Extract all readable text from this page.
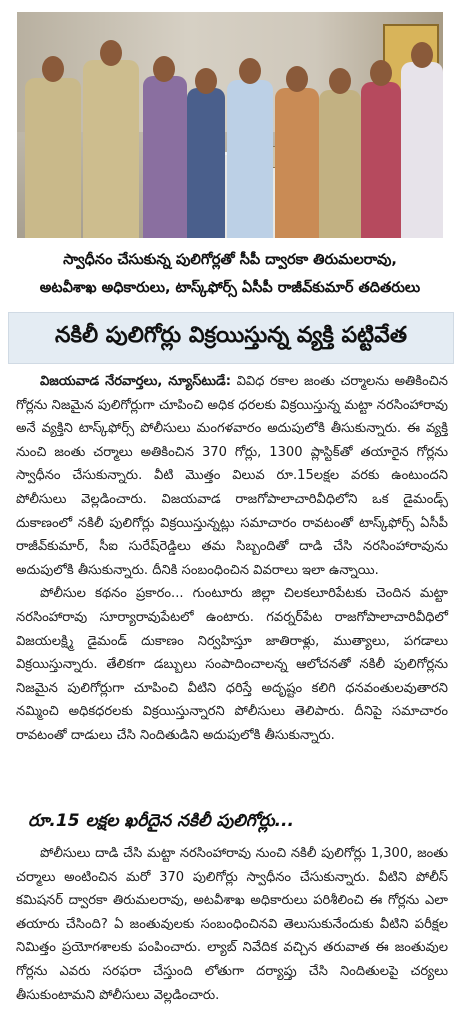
స్వాధీనం చేసుకున్న పులిగోర్లతో సీపీ ద్వారకా తిరుమలరావు,
అటవీశాఖ అధికారులు, టాస్క్‌ఫోర్స్ ఏసీపీ రాజీవ్‌కుమార్ తదితరులు
నకిలీ పులిగోర్లు విక్రయిస్తున్న వ్యక్తి పట్టివేత

విజయవాడ నేరవార్తలు, న్యూస్‌టుడే: వివిధ రకాల జంతు చర్మాలను అతికించిన గోర్లను నిజమైన పులిగోర్లుగా చూపించి అధిక ధరలకు విక్రయిస్తున్న మట్టా నరసింహారావు అనే వ్యక్తిని టాస్క్‌ఫోర్స్ పోలీసులు మంగళవారం అదుపులోకి తీసుకున్నారు. ఈ వ్యక్తి నుంచి జంతు చర్మాలు అతికించిన 370 గోర్లు, 1300 ప్లాస్టిక్‌తో తయారైన గోర్లను స్వాధీనం చేసుకున్నారు. వీటి మొత్తం విలువ రూ.15లక్షల వరకు ఉంటుందని పోలీసులు వెల్లడించారు. విజయవాడ రాజగోపాలాచారివీధిలోని ఒక డైమండ్స్ దుకాణంలో నకిలీ పులిగోర్లు విక్రయిస్తున్నట్లు సమాచారం రావటంతో టాస్క్‌ఫోర్స్ ఏసీపీ రాజీవ్‌కుమార్, సీఐ సురేష్‌రెడ్డిలు తమ సిబ్బందితో దాడి చేసి నరసింహారావును అదుపులోకి తీసుకున్నారు. దీనికి సంబంధించిన వివరాలు ఇలా ఉన్నాయి.

పోలీసుల కథనం ప్రకారం... గుంటూరు జిల్లా చిలకలూరిపేటకు చెందిన మట్టా నరసింహారావు సూర్యారావుపేటలో ఉంటారు. గవర్నర్‌పేట రాజగోపాలాచారివీధిలో విజయలక్ష్మి డైమండ్ దుకాణం నిర్వహిస్తూ జాతిరాళ్లు, ముత్యాలు, పగడాలు విక్రయిస్తున్నారు. తేలికగా డబ్బులు సంపాదించాలన్న ఆలోచనతో నకిలీ పులిగోర్లను నిజమైన పులిగోర్లుగా చూపించి వీటిని ధరిస్తే అదృష్టం కలిగి ధనవంతులవుతారని నమ్మించి అధికధరలకు విక్రయిస్తున్నారని పోలీసులు తెలిపారు. దీనిపై సమాచారం రావటంతో దాడులు చేసి నిందితుడిని అదుపులోకి తీసుకున్నారు.

రూ.15 లక్షల ఖరీదైన నకిలీ పులిగోర్లు...

పోలీసులు దాడి చేసి మట్టా నరసింహారావు నుంచి నకిలీ పులిగోర్లు 1,300, జంతు చర్మాలు అంటించిన మరో 370 పులిగోర్లు స్వాధీనం చేసుకున్నారు. వీటిని పోలీస్ కమిషనర్ ద్వారకా తిరుమలరావు, అటవీశాఖ అధికారులు పరిశీలించి ఈ గోర్లను ఎలా తయారు చేసింది? ఏ జంతువులకు సంబంధించినవి తెలుసుకునేందుకు వీటిని పరీక్షల నిమిత్తం ప్రయోగశాలకు పంపించారు. ల్యాబ్ నివేదిక వచ్చిన తరువాత ఈ జంతువుల గోర్లను ఎవరు సరఫరా చేస్తుంది లోతుగా దర్యాప్తు చేసి నిందితులపై చర్యలు తీసుకుంటామని పోలీసులు వెల్లడించారు.
